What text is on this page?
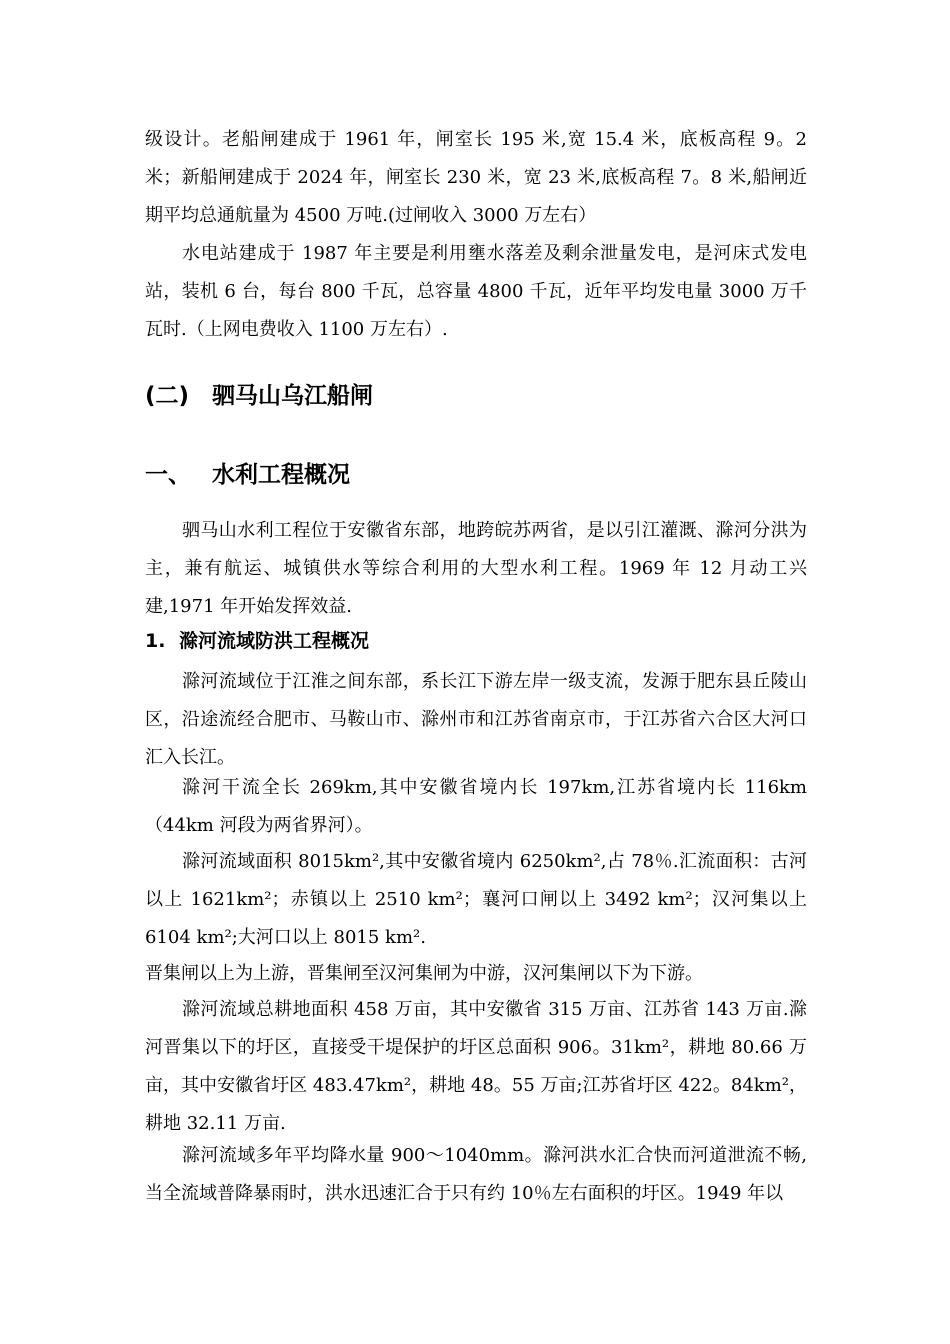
级设计。老船闸建成于 1961 年，闸室长 195 米,宽 15.4 米，底板高程 9。2 米；新船闸建成于 2024 年，闸室长 230 米，宽 23 米,底板高程 7。8 米,船闸近期平均总通航量为 4500 万吨.(过闸收入 3000 万左右）

水电站建成于 1987 年主要是利用壅水落差及剩余泄量发电，是河床式发电站，装机 6 台，每台 800 千瓦，总容量 4800 千瓦，近年平均发电量 3000 万千瓦时.（上网电费收入 1100 万左右）.

(二) 驷马山乌江船闸
一、 水利工程概况

驷马山水利工程位于安徽省东部，地跨皖苏两省，是以引江灌溉、滁河分洪为主，兼有航运、城镇供水等综合利用的大型水利工程。1969 年 12 月动工兴建,1971 年开始发挥效益.

1. 滁河流域防洪工程概况

滁河流域位于江淮之间东部，系长江下游左岸一级支流，发源于肥东县丘陵山区，沿途流经合肥市、马鞍山市、滁州市和江苏省南京市，于江苏省六合区大河口汇入长江。

滁河干流全长 269km,其中安徽省境内长 197km,江苏省境内长 116km（44km 河段为两省界河）。

滁河流域面积 8015km²,其中安徽省境内 6250km²,占 78％.汇流面积：古河以上 1621km²；赤镇以上 2510 km²；襄河口闸以上 3492 km²；汉河集以上 6104 km²;大河口以上 8015 km².

晋集闸以上为上游，晋集闸至汉河集闸为中游，汉河集闸以下为下游。

滁河流域总耕地面积 458 万亩，其中安徽省 315 万亩、江苏省 143 万亩.滁河晋集以下的圩区，直接受干堤保护的圩区总面积 906。31km²，耕地 80.66 万亩，其中安徽省圩区 483.47km²，耕地 48。55 万亩;江苏省圩区 422。84km²，耕地 32.11 万亩.

滁河流域多年平均降水量 900～1040mm。滁河洪水汇合快而河道泄流不畅,当全流域普降暴雨时，洪水迅速汇合于只有约 10％左右面积的圩区。1949 年以
